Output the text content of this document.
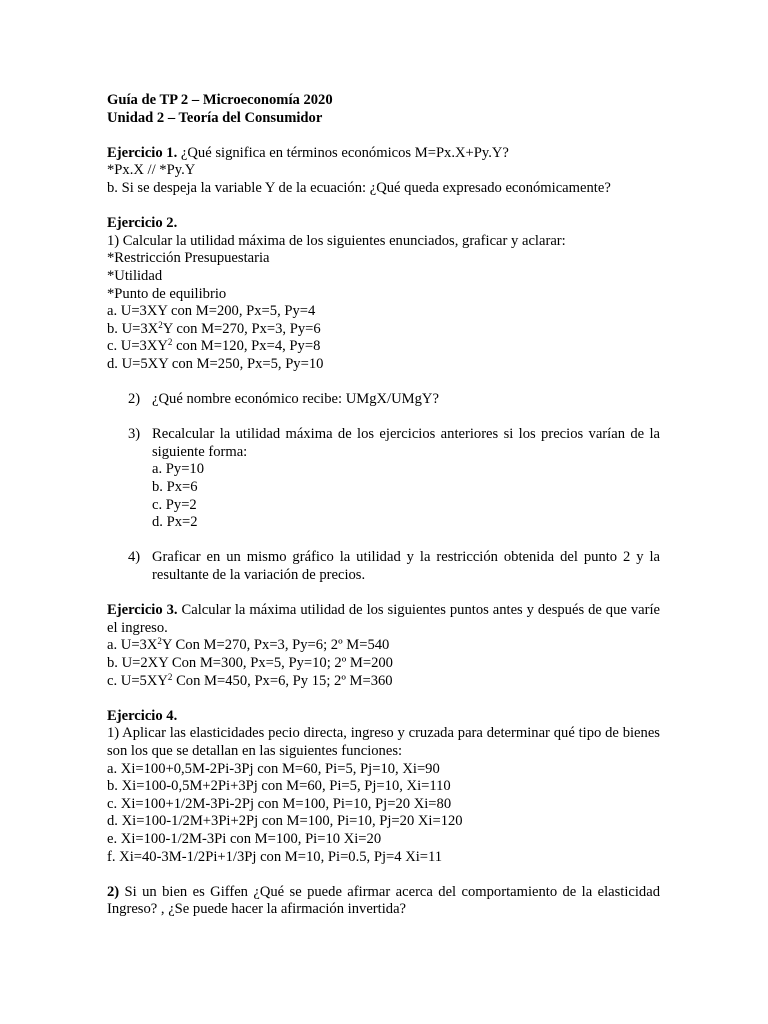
Guía de TP 2 – Microeconomía 2020
Unidad 2 – Teoría del Consumidor
Ejercicio 1. ¿Qué significa en términos económicos M=Px.X+Py.Y?
*Px.X // *Py.Y
b. Si se despeja la variable Y de la ecuación: ¿Qué queda expresado económicamente?
Ejercicio 2.
1) Calcular la utilidad máxima de los siguientes enunciados, graficar y aclarar:
*Restricción Presupuestaria
*Utilidad
*Punto de equilibrio
a. U=3XY con M=200, Px=5, Py=4
b. $U=3X^2Y$ con M=270, Px=3, Py=6
c. $U=3XY^2$ con M=120, Px=4, Py=8
d. U=5XY con M=250, Px=5, Py=10
2) ¿Qué nombre económico recibe: UMgX/UMgY?
3) Recalcular la utilidad máxima de los ejercicios anteriores si los precios varían de la siguiente forma:
a. Py=10
b. Px=6
c. Py=2
d. Px=2
4) Graficar en un mismo gráfico la utilidad y la restricción obtenida del punto 2 y la resultante de la variación de precios.
Ejercicio 3. Calcular la máxima utilidad de los siguientes puntos antes y después de que varíe el ingreso.
a. $U=3X^2Y$ Con M=270, Px=3, Py=6; 2º M=540
b. U=2XY Con M=300, Px=5, Py=10; 2º M=200
c. $U=5XY^2$ Con M=450, Px=6, Py 15; 2º M=360
Ejercicio 4.
1) Aplicar las elasticidades pecio directa, ingreso y cruzada para determinar qué tipo de bienes son los que se detallan en las siguientes funciones:
a. Xi=100+0,5M-2Pi-3Pj con M=60, Pi=5, Pj=10, Xi=90
b. Xi=100-0,5M+2Pi+3Pj con M=60, Pi=5, Pj=10, Xi=110
c. Xi=100+1/2M-3Pi-2Pj con M=100, Pi=10, Pj=20 Xi=80
d. Xi=100-1/2M+3Pi+2Pj con M=100, Pi=10, Pj=20 Xi=120
e. Xi=100-1/2M-3Pi con M=100, Pi=10 Xi=20
f. Xi=40-3M-1/2Pi+1/3Pj con M=10, Pi=0.5, Pj=4 Xi=11
2) Si un bien es Giffen ¿Qué se puede afirmar acerca del comportamiento de la elasticidad Ingreso? , ¿Se puede hacer la afirmación invertida?
